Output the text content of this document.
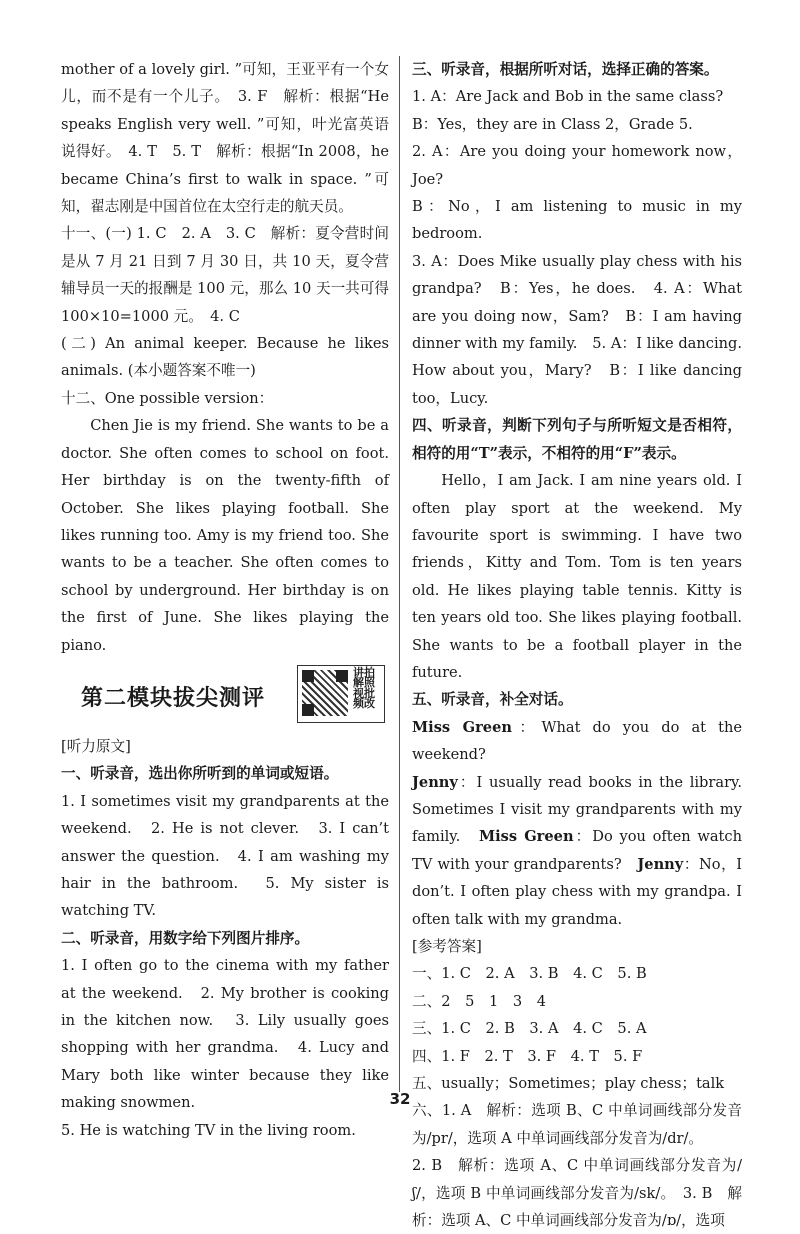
mother of a lovely girl. ”可知，王亚平有一个女儿，而不是有一个儿子。　3. F　解析：根据“He speaks English very well. ”可知，叶光富英语说得好。　4. T　5. T　解析：根据“In 2008，he became China’s first to walk in space. ”可知，翟志刚是中国首位在太空行走的航天员。

十一、(一) 1. C　2. A　3. C　解析：夏令营时间是从 7 月 21 日到 7 月 30 日，共 10 天，夏令营辅导员一天的报酬是 100 元，那么 10 天一共可得 100×10=1000 元。　4. C

(二) An animal keeper. Because he likes animals. (本小题答案不唯一)

十二、One possible version：

Chen Jie is my friend. She wants to be a doctor. She often comes to school on foot. Her birthday is on the twenty-fifth of October. She likes playing football. She likes running too. Amy is my friend too. She wants to be a teacher. She often comes to school by underground. Her birthday is on the first of June. She likes playing the piano.

第二模块拔尖测评
讲拍解照视批频改

[听力原文]

一、听录音，选出你所听到的单词或短语。

1. I sometimes visit my grandparents at the weekend.　2. He is not clever.　3. I can’t answer the question.　4. I am washing my hair in the bathroom.　5. My sister is watching TV.

二、听录音，用数字给下列图片排序。

1. I often go to the cinema with my father at the weekend.　2. My brother is cooking in the kitchen now.　3. Lily usually goes shopping with her grandma.　4. Lucy and Mary both like winter because they like making snowmen.

5. He is watching TV in the living room.

三、听录音，根据所听对话，选择正确的答案。

1. A：Are Jack and Bob in the same class?

B：Yes，they are in Class 2，Grade 5.

2. A：Are you doing your homework now，Joe?

B：No，I am listening to music in my bedroom.

3. A：Does Mike usually play chess with his grandpa?　B：Yes，he does.　4. A：What are you doing now，Sam?　B：I am having dinner with my family.　5. A：I like dancing. How about you，Mary?　B：I like dancing too，Lucy.

四、听录音，判断下列句子与所听短文是否相符，相符的用“T”表示，不相符的用“F”表示。

Hello，I am Jack. I am nine years old. I often play sport at the weekend. My favourite sport is swimming. I have two friends，Kitty and Tom. Tom is ten years old. He likes playing table tennis. Kitty is ten years old too. She likes playing football. She wants to be a football player in the future.

五、听录音，补全对话。

Miss Green：What do you do at the weekend?

Jenny：I usually read books in the library. Sometimes I visit my grandparents with my family.　 Miss Green：Do you often watch TV with your grandparents?　 Jenny：No，I don’t. I often play chess with my grandpa. I often talk with my grandma.

[参考答案]

一、1. C　2. A　3. B　4. C　5. B

二、2　5　1　3　4

三、1. C　2. B　3. A　4. C　5. A

四、1. F　2. T　3. F　4. T　5. F

五、usually；Sometimes；play chess；talk

六、1. A　解析：选项 B、C 中单词画线部分发音为/pr/，选项 A 中单词画线部分发音为/dr/。

2. B　解析：选项 A、C 中单词画线部分发音为/ʃ/，选项 B 中单词画线部分发音为/sk/。　3. B　解析：选项 A、C 中单词画线部分发音为/ɒ/，选项

32
